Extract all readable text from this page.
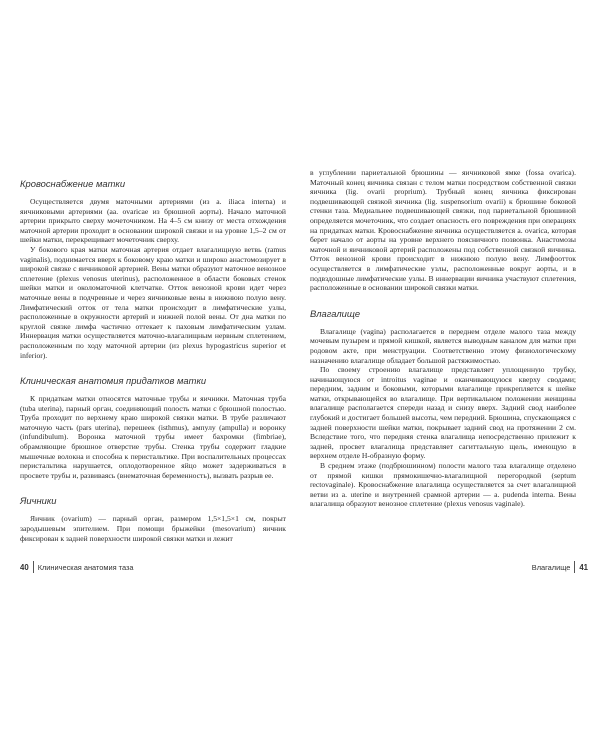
Кровоснабжение матки

Осуществляется двумя маточными артериями (из a. iliaca interna) и яичниковыми артериями (aa. ovaricae из брюшной аорты). Начало маточной артерии прикрыто сверху мочеточником. На 4–5 см книзу от места отхождения маточной артерии проходит в основании широкой связки и на уровне 1,5–2 см от шейки матки, перекрещивает мочеточник сверху.

У бокового края матки маточная артерия отдает влагалищную ветвь (ramus vaginalis), поднимается вверх к боковому краю матки и широко анастомозирует в широкой связке с яичниковой артерией. Вены матки образуют маточное венозное сплетение (plexus venosus uterinus), расположенное в области боковых стенок шейки матки и околоматочной клетчатке. Отток венозной крови идет через маточные вены в подчревные и через яичниковые вены в нижнюю полую вену. Лимфатический отток от тела матки происходит в лимфатические узлы, расположенные в окружности артерий и нижней полой вены. От дна матки по круглой связке лимфа частично оттекает к паховым лимфатическим узлам. Иннервация матки осуществляется маточно-влагалищным нервным сплетением, расположенным по ходу маточной артерии (из plexus hypogastricus superior et inferior).

Клиническая анатомия придатков матки

К придаткам матки относятся маточные трубы и яичники. Маточная труба (tuba uterina), парный орган, соединяющий полость матки с брюшной полостью. Труба проходит по верхнему краю широкой связки матки. В трубе различают маточную часть (pars uterina), перешеек (isthmus), ампулу (ampulla) и воронку (infundibulum). Воронка маточной трубы имеет бахромки (fimbriae), обрамляющие брюшное отверстие трубы. Стенка трубы содержит гладкие мышечные волокна и способна к перистальтике. При воспалительных процессах перистальтика нарушается, оплодотворенное яйцо может задерживаться в просвете трубы и, развиваясь (внематочная беременность), вызвать разрыв ее.

Яичники

Яичник (ovarium) — парный орган, размером 1,5×1,5×1 см, покрыт зародышевым эпителием. При помощи брыжейки (mesovarium) яичник фиксирован к задней поверхности широкой связки матки и лежит

в углублении париетальной брюшины — яичниковой ямке (fossa ovarica). Маточный конец яичника связан с телом матки посредством собственной связки яичника (lig. ovarii proprium). Трубный конец яичника фиксирован подвешивающей связкой яичника (lig. suspensorium ovarii) к брюшине боковой стенки таза. Медиальнее подвешивающей связки, под париетальной брюшиной определяется мочеточник, что создает опасность его повреждения при операциях на придатках матки. Кровоснабжение яичника осуществляется a. ovarica, которая берет начало от аорты на уровне верхнего поясничного позвонка. Анастомозы маточной и яичниковой артерий расположены под собственной связкой яичника. Отток венозной крови происходит в нижнюю полую вену. Лимфоотток осуществляется в лимфатические узлы, расположенные вокруг аорты, и в подвздошные лимфатические узлы. В иннервации яичника участвуют сплетения, расположенные в основании широкой связки матки.

Влагалище

Влагалище (vagina) располагается в переднем отделе малого таза между мочевым пузырем и прямой кишкой, является выводным каналом для матки при родовом акте, при менструации. Соответственно этому физиологическому назначению влагалище обладает большой растяжимостью.

По своему строению влагалище представляет уплощенную трубку, начинающуюся от introitus vaginae и оканчивающуюся кверху сводами; передним, задним и боковыми, которыми влагалище прикрепляется к шейке матки, открывающейся во влагалище. При вертикальном положении женщины влагалище располагается спереди назад и снизу вверх. Задний свод наиболее глубокий и достигает большей высоты, чем передний. Брюшина, спускающаяся с задней поверхности шейки матки, покрывает задний свод на протяжении 2 см. Вследствие того, что передняя стенка влагалища непосредственно прилежит к задней, просвет влагалища представляет сагиттальную щель, имеющую в верхнем отделе Н-образную форму.

В среднем этаже (подбрюшинном) полости малого таза влагалище отделено от прямой кишки прямокишечно-влагалищной перегородкой (septum rectovaginale). Кровоснабжение влагалища осуществляется за счет влагалищной ветви из a. uterine и внутренней срамной артерии — a. pudenda interna. Вены влагалища образуют венозное сплетение (plexus venosus vaginale).

40 Клиническая анатомия таза	Влагалище 41
